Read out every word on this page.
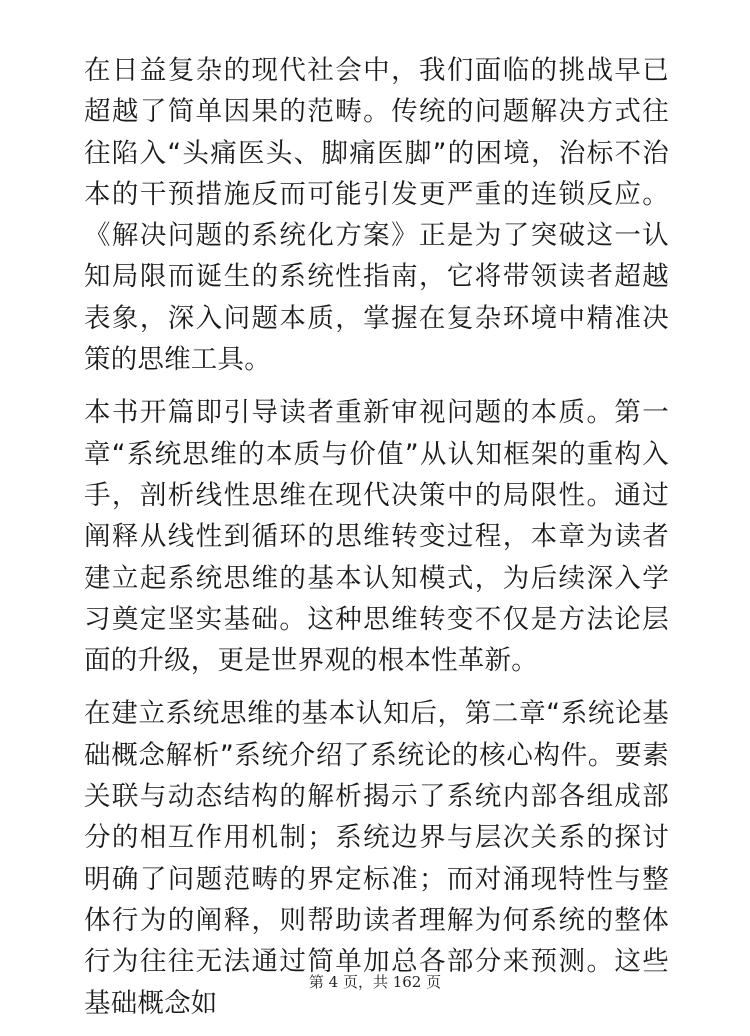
在日益复杂的现代社会中，我们面临的挑战早已超越了简单因果的范畴。传统的问题解决方式往往陷入“头痛医头、脚痛医脚”的困境，治标不治本的干预措施反而可能引发更严重的连锁反应。《解决问题的系统化方案》正是为了突破这一认知局限而诞生的系统性指南，它将带领读者超越表象，深入问题本质，掌握在复杂环境中精准决策的思维工具。

本书开篇即引导读者重新审视问题的本质。第一章“系统思维的本质与价值”从认知框架的重构入手，剖析线性思维在现代决策中的局限性。通过阐释从线性到循环的思维转变过程，本章为读者建立起系统思维的基本认知模式，为后续深入学习奠定坚实基础。这种思维转变不仅是方法论层面的升级，更是世界观的根本性革新。

在建立系统思维的基本认知后，第二章“系统论基础概念解析”系统介绍了系统论的核心构件。要素关联与动态结构的解析揭示了系统内部各组成部分的相互作用机制；系统边界与层次关系的探讨明确了问题范畴的界定标准；而对涌现特性与整体行为的阐释，则帮助读者理解为何系统的整体行为往往无法通过简单加总各部分来预测。这些基础概念如

第 4 页，共 162 页
